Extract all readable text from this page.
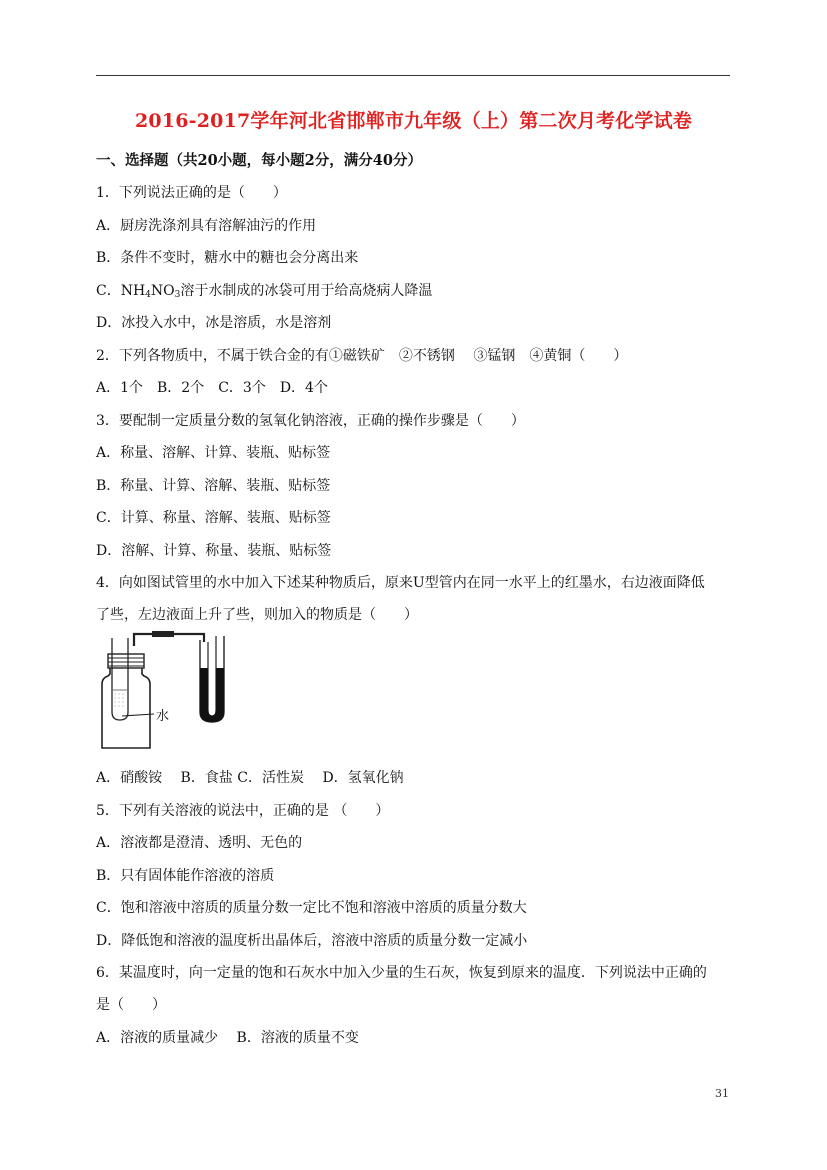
2016-2017学年河北省邯郸市九年级（上）第二次月考化学试卷
一、选择题（共20小题，每小题2分，满分40分）
1．下列说法正确的是（　　）
A．厨房洗涤剂具有溶解油污的作用
B．条件不变时，糖水中的糖也会分离出来
C．$NH_4NO_3$溶于水制成的冰袋可用于给高烧病人降温
D．冰投入水中，冰是溶质，水是溶剂
2．下列各物质中，不属于铁合金的有①磁铁矿　②不锈钢　 ③锰钢　④黄铜（　　）
A．1个　B．2个　C．3个　D．4个
3．要配制一定质量分数的氢氧化钠溶液，正确的操作步骤是（　　）
A．称量、溶解、计算、装瓶、贴标签
B．称量、计算、溶解、装瓶、贴标签
C．计算、称量、溶解、装瓶、贴标签
D．溶解、计算、称量、装瓶、贴标签
4．向如图试管里的水中加入下述某种物质后，原来U型管内在同一水平上的红墨水，右边液面降低
了些，左边液面上升了些，则加入的物质是（　　）
水
A．硝酸铵　 B．食盐 C．活性炭　 D．氢氧化钠
5．下列有关溶液的说法中，正确的是 （　　）
A．溶液都是澄清、透明、无色的
B．只有固体能作溶液的溶质
C．饱和溶液中溶质的质量分数一定比不饱和溶液中溶质的质量分数大
D．降低饱和溶液的温度析出晶体后，溶液中溶质的质量分数一定减小
6．某温度时，向一定量的饱和石灰水中加入少量的生石灰，恢复到原来的温度．下列说法中正确的
是（　　）
A．溶液的质量减少　 B．溶液的质量不变
31
